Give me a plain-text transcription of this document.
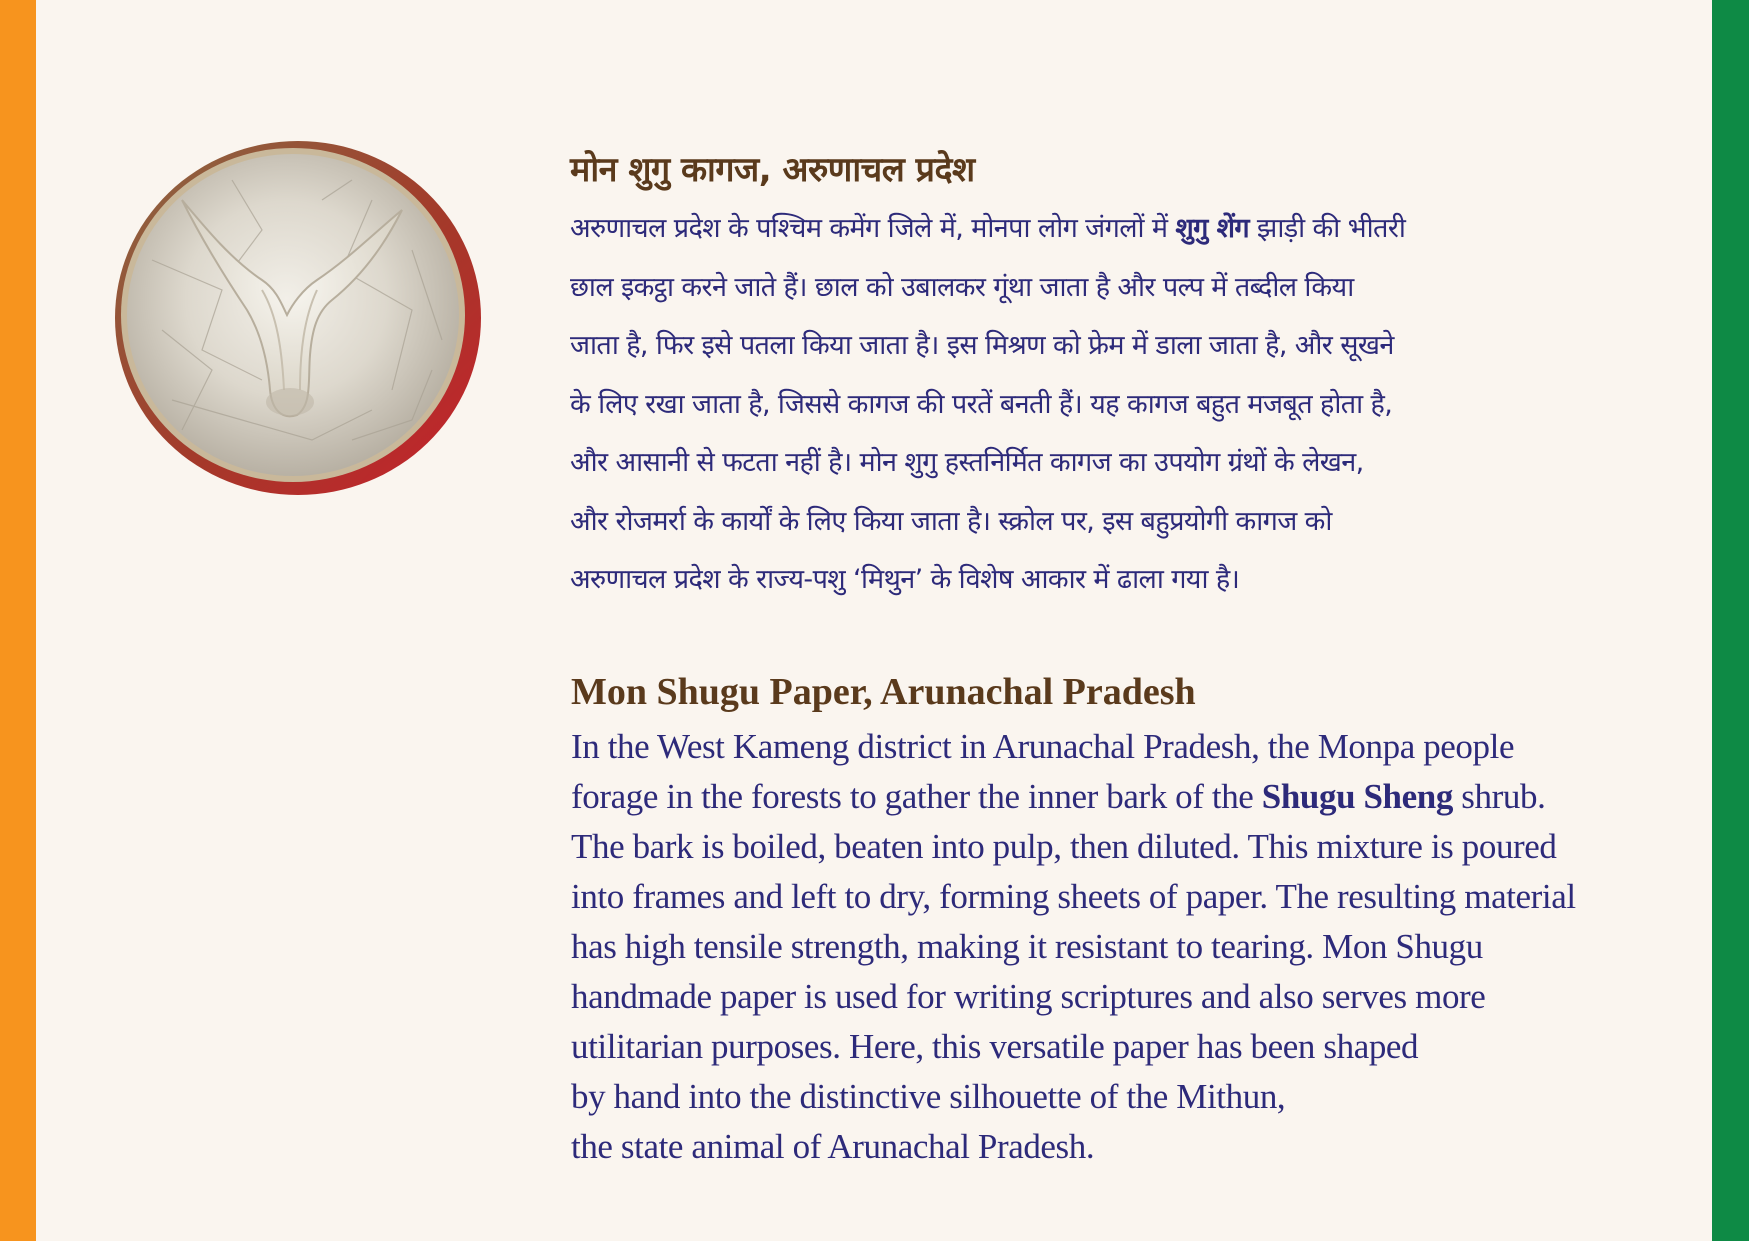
मोन शुगु कागज, अरुणाचल प्रदेश

अरुणाचल प्रदेश के पश्चिम कमेंग जिले में, मोनपा लोग जंगलों में शुगु शेंग झाड़ी की भीतरी
छाल इकट्ठा करने जाते हैं। छाल को उबालकर गूंथा जाता है और पल्प में तब्दील किया
जाता है, फिर इसे पतला किया जाता है। इस मिश्रण को फ्रेम में डाला जाता है, और सूखने
के लिए रखा जाता है, जिससे कागज की परतें बनती हैं। यह कागज बहुत मजबूत होता है,
और आसानी से फटता नहीं है। मोन शुगु हस्तनिर्मित कागज का उपयोग ग्रंथों के लेखन,
और रोजमर्रा के कार्यों के लिए किया जाता है। स्क्रोल पर, इस बहुप्रयोगी कागज को
अरुणाचल प्रदेश के राज्य-पशु ‘मिथुन’ के विशेष आकार में ढाला गया है।

Mon Shugu Paper, Arunachal Pradesh

In the West Kameng district in Arunachal Pradesh, the Monpa people
forage in the forests to gather the inner bark of the Shugu Sheng shrub.
The bark is boiled, beaten into pulp, then diluted. This mixture is poured
into frames and left to dry, forming sheets of paper. The resulting material
has high tensile strength, making it resistant to tearing. Mon Shugu
handmade paper is used for writing scriptures and also serves more
utilitarian purposes. Here, this versatile paper has been shaped
by hand into the distinctive silhouette of the Mithun,
the state animal of Arunachal Pradesh.
